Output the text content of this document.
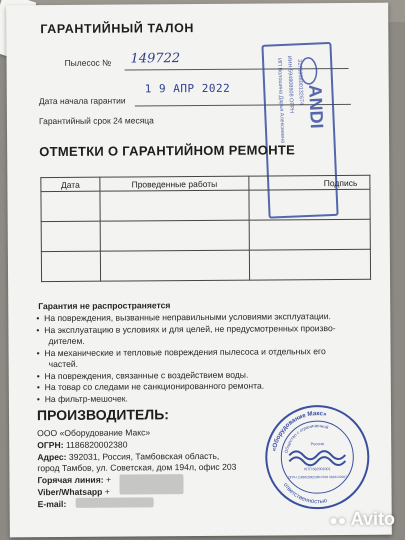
ГАРАНТИЙНЫЙ ТАЛОН
Пылесос № 149722
Дата начала гарантии
1 9 АПР 2022
Гарантийный срок 24 месяца	ИП Волошина Дарья Алексеевна ИНН 594808608 ОГРН 317595800132674
ANDI
ОТМЕТКИ О ГАРАНТИЙНОМ РЕМОНТЕ
Дата	Проведенные работы	Подпись

Гарантия не распространяется
•  На повреждения, вызванные неправильными условиями эксплуатации.
•  На эксплуатацию в условиях и для целей, не предусмотренных произво-
дителем.
•  На механические и тепловые повреждения пылесоса и отдельных его
частей.
•  На повреждения, связанные с воздействием воды.
•  На товар со следами не санкционированного ремонта.
•  На фильтр-мешочек.
ПРОИЗВОДИТЕЛЬ:
ООО «Оборудование Макс»
ОГРН: 1186820002380
Адрес: 392031, Россия, Тамбовская область,
город Тамбов, ул. Советская, дом 194л, офис 203
Горячая линия: +
Viber/Whatsapp +
E-mail:
«Оборудование Макс»
ответственностью
Общество с ограниченной
Россия
КПП 682901001
ОГРН 1186820002380 ИНН 6829142907
●● Avito
